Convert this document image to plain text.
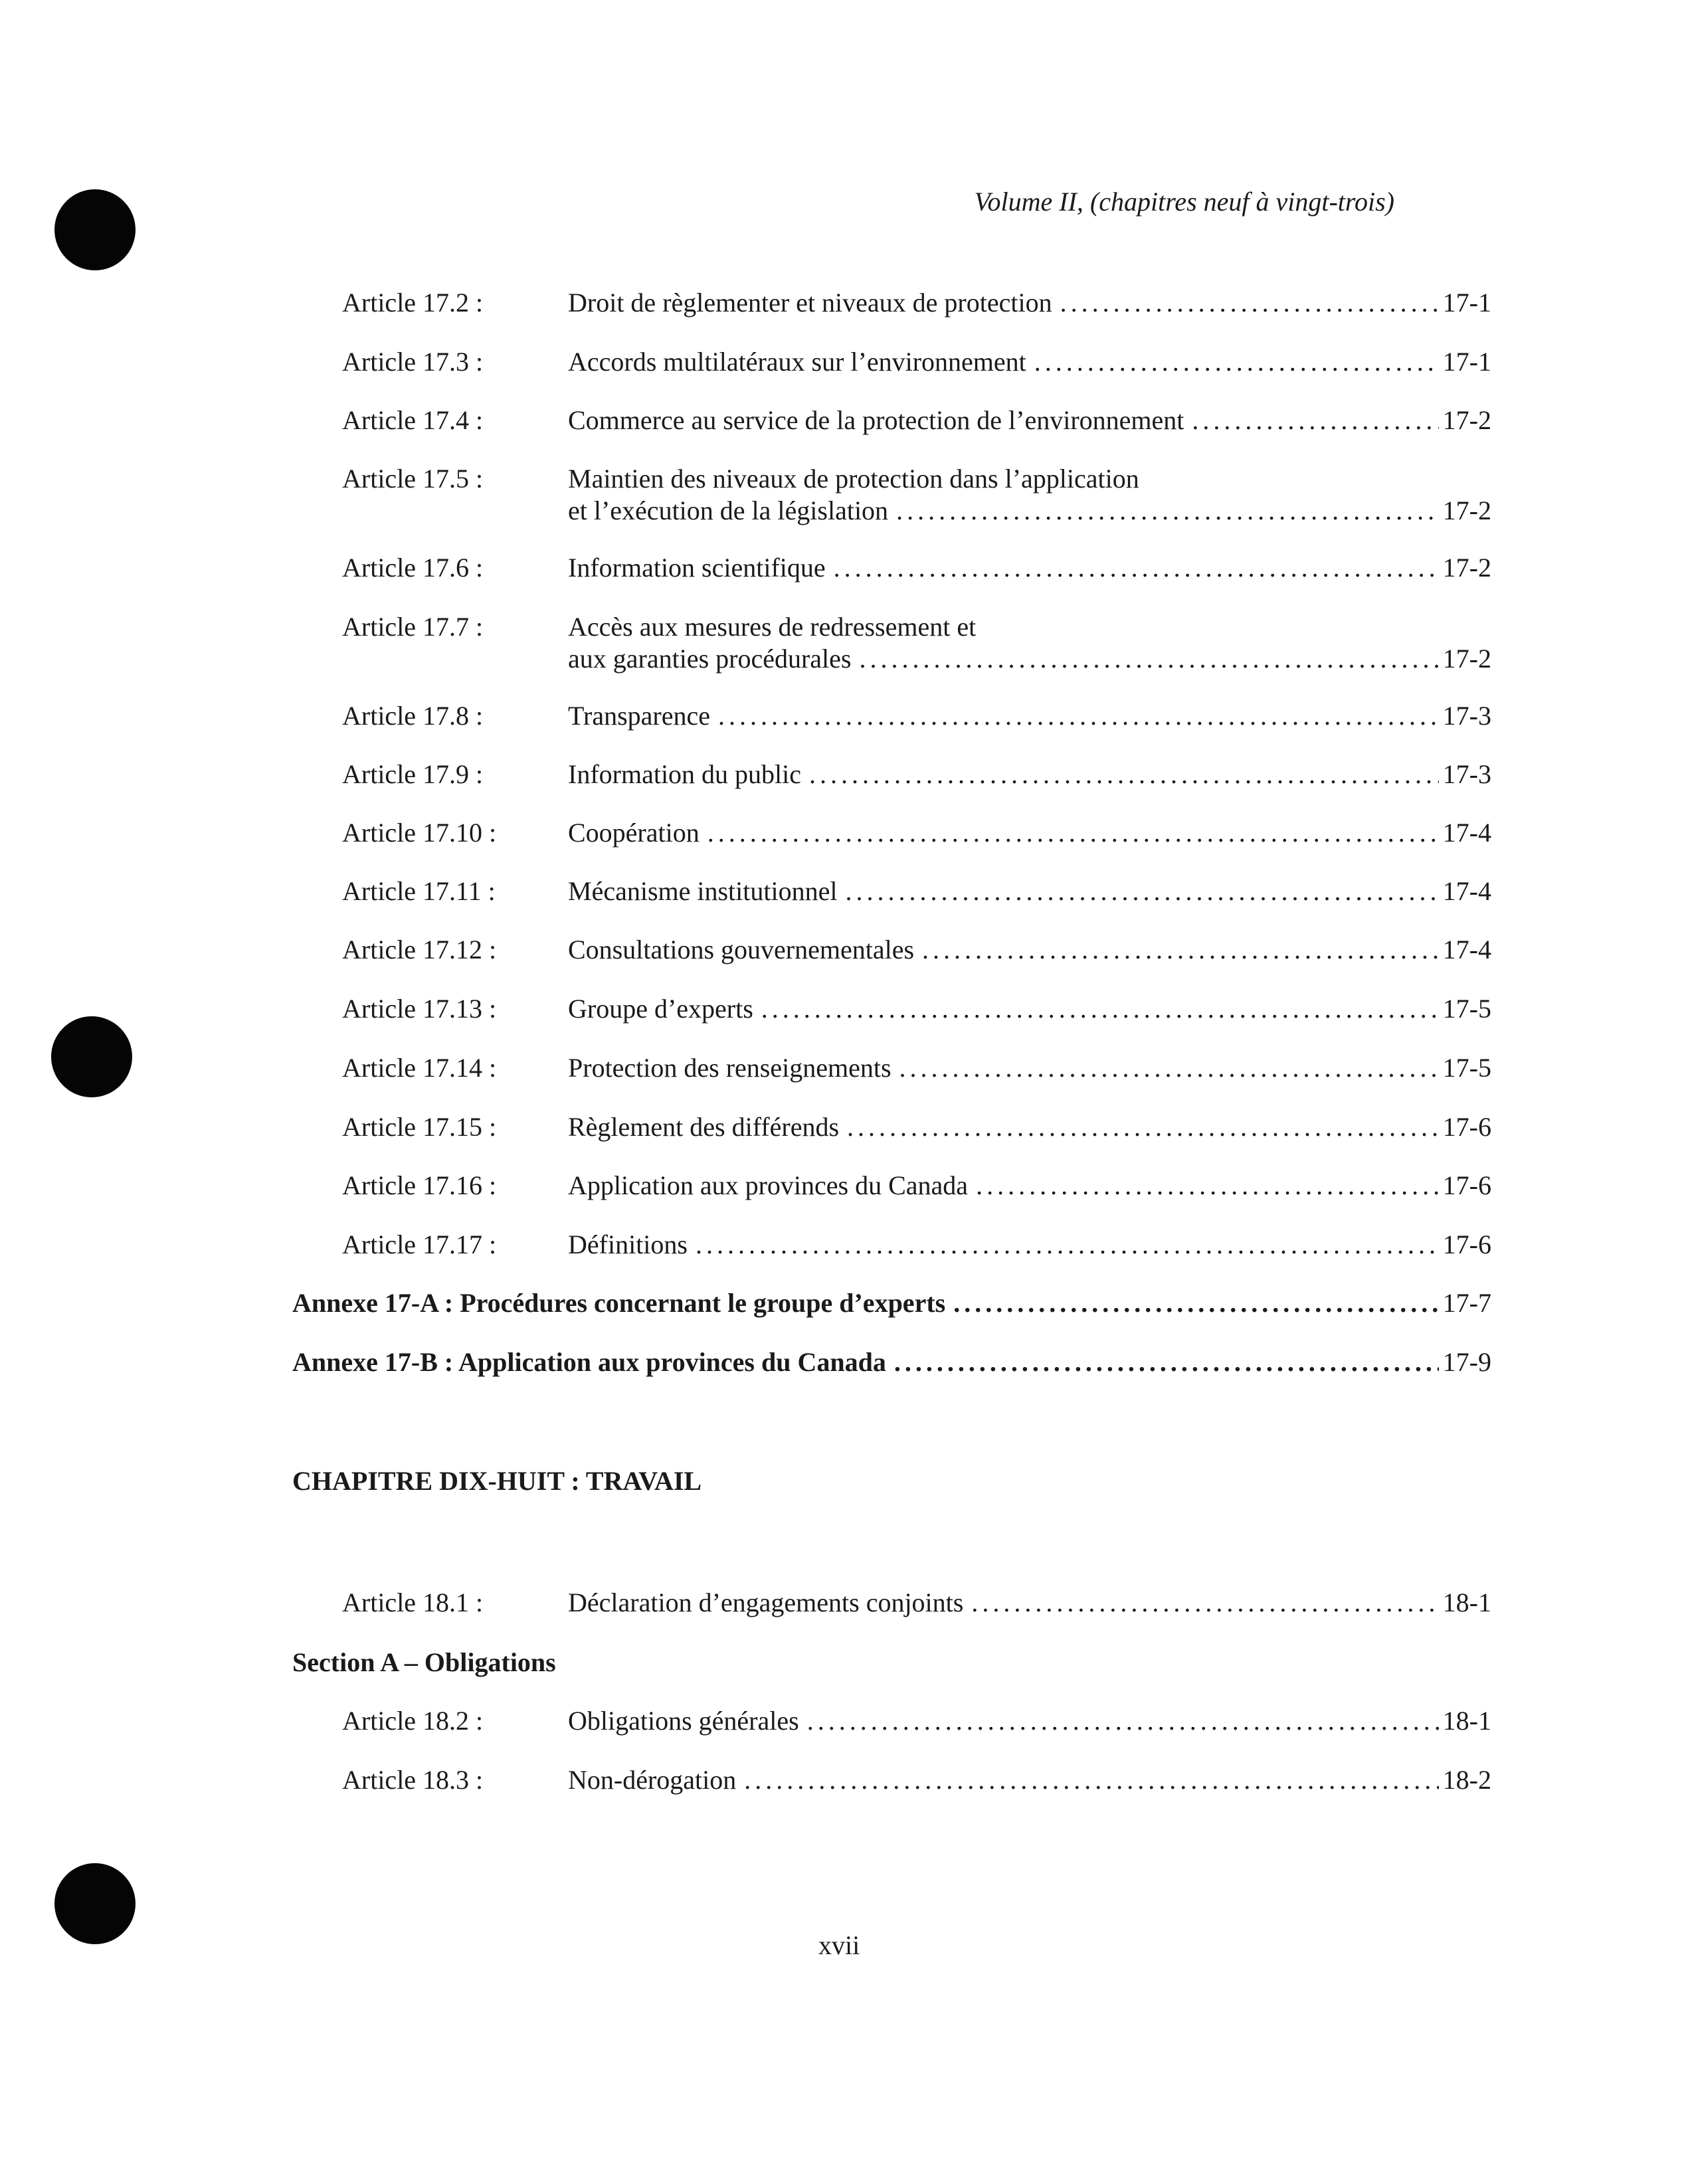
Volume II, (chapitres neuf à vingt-trois)
Article 17.2 :	Droit de règlementer et niveaux de protection .....	17-1
Article 17.3 :	Accords multilatéraux sur l’environnement .....	17-1
Article 17.4 :	Commerce au service de la protection de l’environnement .....	17-2
Article 17.5 :	Maintien des niveaux de protection dans l’application
et l’exécution de la législation .....	17-2
Article 17.6 :	Information scientifique .....	17-2
Article 17.7 :	Accès aux mesures de redressement et
aux garanties procédurales .....	17-2
Article 17.8 :	Transparence .....	17-3
Article 17.9 :	Information du public .....	17-3
Article 17.10 :	Coopération .....	17-4
Article 17.11 :	Mécanisme institutionnel .....	17-4
Article 17.12 :	Consultations gouvernementales .....	17-4
Article 17.13 :	Groupe d’experts .....	17-5
Article 17.14 :	Protection des renseignements .....	17-5
Article 17.15 :	Règlement des différends .....	17-6
Article 17.16 :	Application aux provinces du Canada .....	17-6
Article 17.17 :	Définitions .....	17-6
Annexe 17-A : Procédures concernant le groupe d’experts .....	17-7
Annexe 17-B : Application aux provinces du Canada .....	17-9
CHAPITRE DIX-HUIT : TRAVAIL
Article 18.1 :	Déclaration d’engagements conjoints .....	18-1
Section A – Obligations
Article 18.2 :	Obligations générales .....	18-1
Article 18.3 :	Non-dérogation .....	18-2
xvii
